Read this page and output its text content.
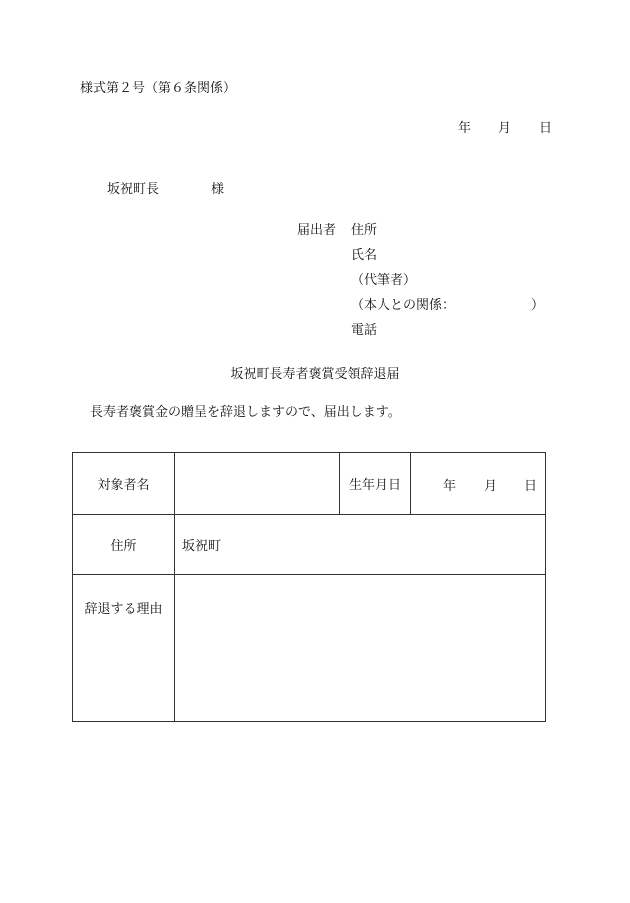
様式第２号（第６条関係）
年 月 日
坂祝町長	様
届出者 住所
氏名
（代筆者）
（本人との関係：	）
電話
坂祝町長寿者褒賞受領辞退届
長寿者褒賞金の贈呈を辞退しますので、届出します。
対象者名		生年月日	年 月 日

住所	坂祝町		
辞退する理由			
